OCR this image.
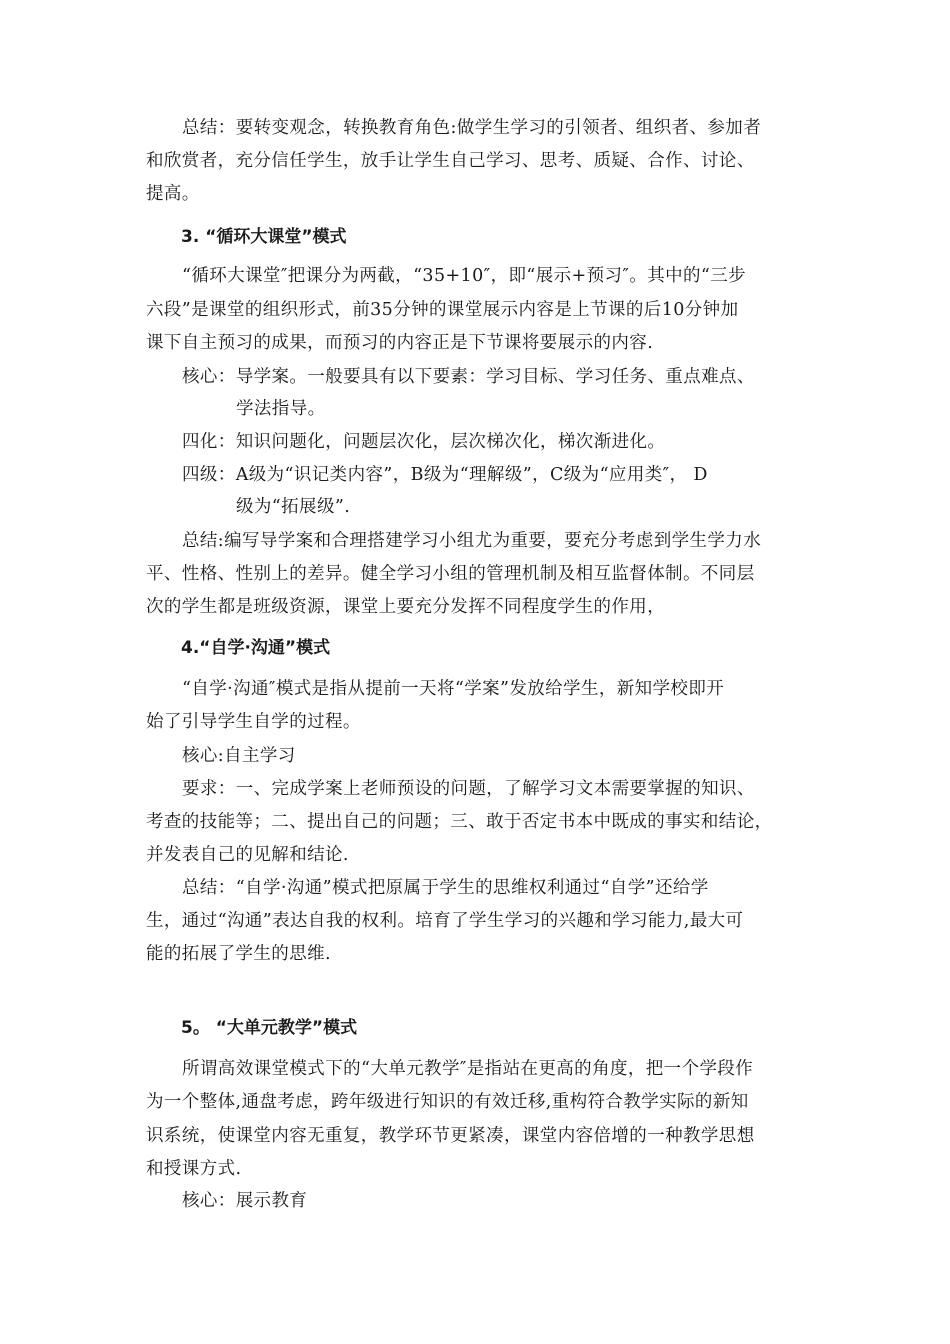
总结：要转变观念，转换教育角色:做学生学习的引领者、组织者、参加者
和欣赏者，充分信任学生，放手让学生自己学习、思考、质疑、合作、讨论、
提高。
3. “循环大课堂”模式
“循环大课堂″把课分为两截，“35+10″，即“展示+预习″。其中的“三步
六段”是课堂的组织形式，前35分钟的课堂展示内容是上节课的后10分钟加
课下自主预习的成果，而预习的内容正是下节课将要展示的内容.
核心：导学案。一般要具有以下要素：学习目标、学习任务、重点难点、
学法指导。
四化：知识问题化，问题层次化，层次梯次化，梯次渐进化。
四级：A级为“识记类内容”，B级为“理解级”，C级为“应用类″， D
级为“拓展级”.
总结:编写导学案和合理搭建学习小组尤为重要，要充分考虑到学生学力水
平、性格、性别上的差异。健全学习小组的管理机制及相互监督体制。不同层
次的学生都是班级资源，课堂上要充分发挥不同程度学生的作用，
4.“自学·沟通”模式
“自学·沟通″模式是指从提前一天将“学案”发放给学生，新知学校即开
始了引导学生自学的过程。
核心:自主学习
要求：一、完成学案上老师预设的问题，了解学习文本需要掌握的知识、
考查的技能等；二、提出自己的问题；三、敢于否定书本中既成的事实和结论，
并发表自己的见解和结论.
总结：“自学·沟通”模式把原属于学生的思维权利通过“自学”还给学
生，通过“沟通”表达自我的权利。培育了学生学习的兴趣和学习能力,最大可
能的拓展了学生的思维.
5。 “大单元教学”模式
所谓高效课堂模式下的“大单元教学″是指站在更高的角度，把一个学段作
为一个整体,通盘考虑，跨年级进行知识的有效迁移,重构符合教学实际的新知
识系统，使课堂内容无重复，教学环节更紧凑，课堂内容倍增的一种教学思想
和授课方式.
核心：展示教育
